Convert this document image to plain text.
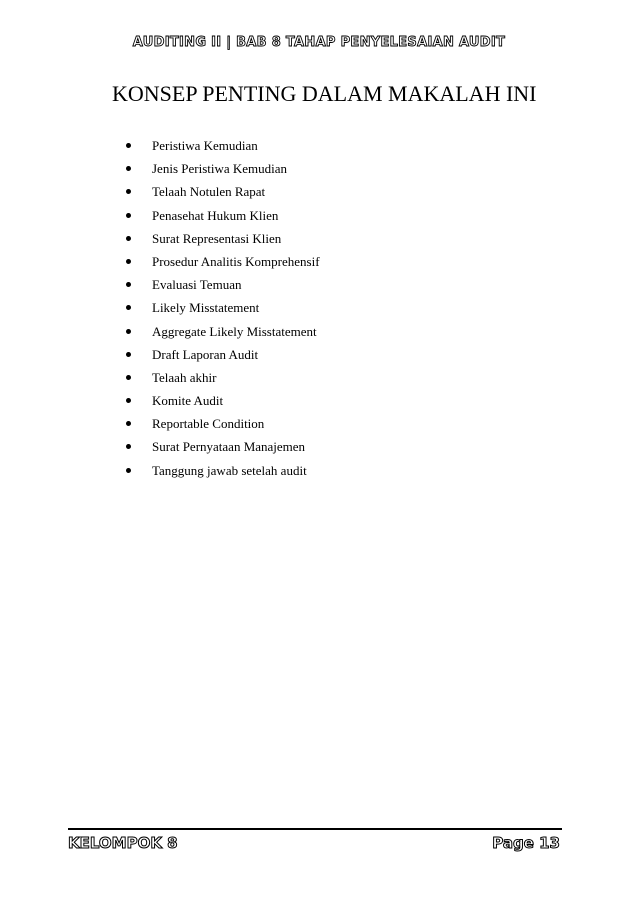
AUDITING II | BAB 8 TAHAP PENYELESAIAN AUDIT
KONSEP PENTING DALAM MAKALAH INI
Peristiwa Kemudian
Jenis Peristiwa Kemudian
Telaah Notulen Rapat
Penasehat Hukum Klien
Surat Representasi Klien
Prosedur Analitis Komprehensif
Evaluasi Temuan
Likely Misstatement
Aggregate Likely Misstatement
Draft Laporan Audit
Telaah akhir
Komite Audit
Reportable Condition
Surat Pernyataan Manajemen
Tanggung jawab setelah audit
KELOMPOK 8	Page 13
